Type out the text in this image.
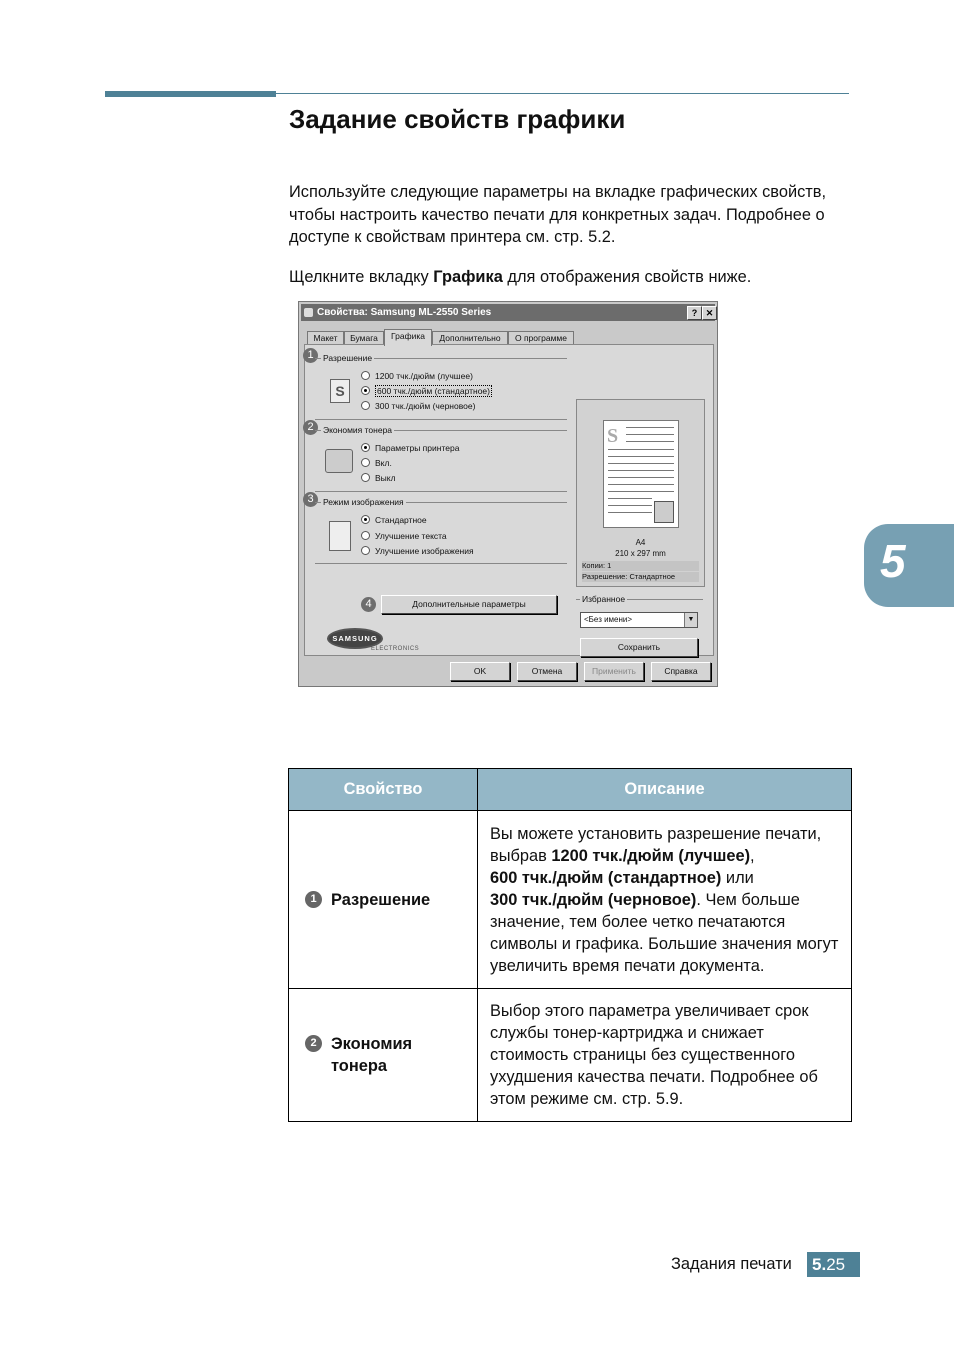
Задание свойств графики

Используйте следующие параметры на вкладке графических свойств, чтобы настроить качество печати для конкретных задач. Подробнее о доступе к свойствам принтера см. стр. 5.2.

Щелкните вкладку Графика для отображения свойств ниже.

5
Свойства: Samsung ML-2550 Series	? ✕
Макет	Бумага	Графика	Дополнительно	О программе
1	Разрешение
S
1200 тчк./дюйм (лучшее)
600 тчк./дюйм (стандартное)
300 тчк./дюйм (черновое)
2	Экономия тонера
Параметры принтера
Вкл.
Выкл
3	Режим изображения
Стандартное
Улучшение текста
Улучшение изображения
4	Дополнительные параметры
S
A4
210 x 297 mm
Копии: 1
Разрешение: Стандартное
Избранное
<Без имени>	▼
Сохранить
SAMSUNG
ELECTRONICS
OK	Отмена	Применить	Справка
Свойство	Описание

1 Разрешение	Вы можете установить разрешение печати, выбрав 1200 тчк./дюйм (лучшее),
600 тчк./дюйм (стандартное) или
300 тчк./дюйм (черновое). Чем больше значение, тем более четко печатаются символы и графика. Большие значения могут увеличить время печати документа.

2 Экономия
тонера	Выбор этого параметра увеличивает срок службы тонер-картриджа и снижает стоимость страницы без существенного ухудшения качества печати. Подробнее об этом режиме см. стр. 5.9.
Задания печати 5.25
